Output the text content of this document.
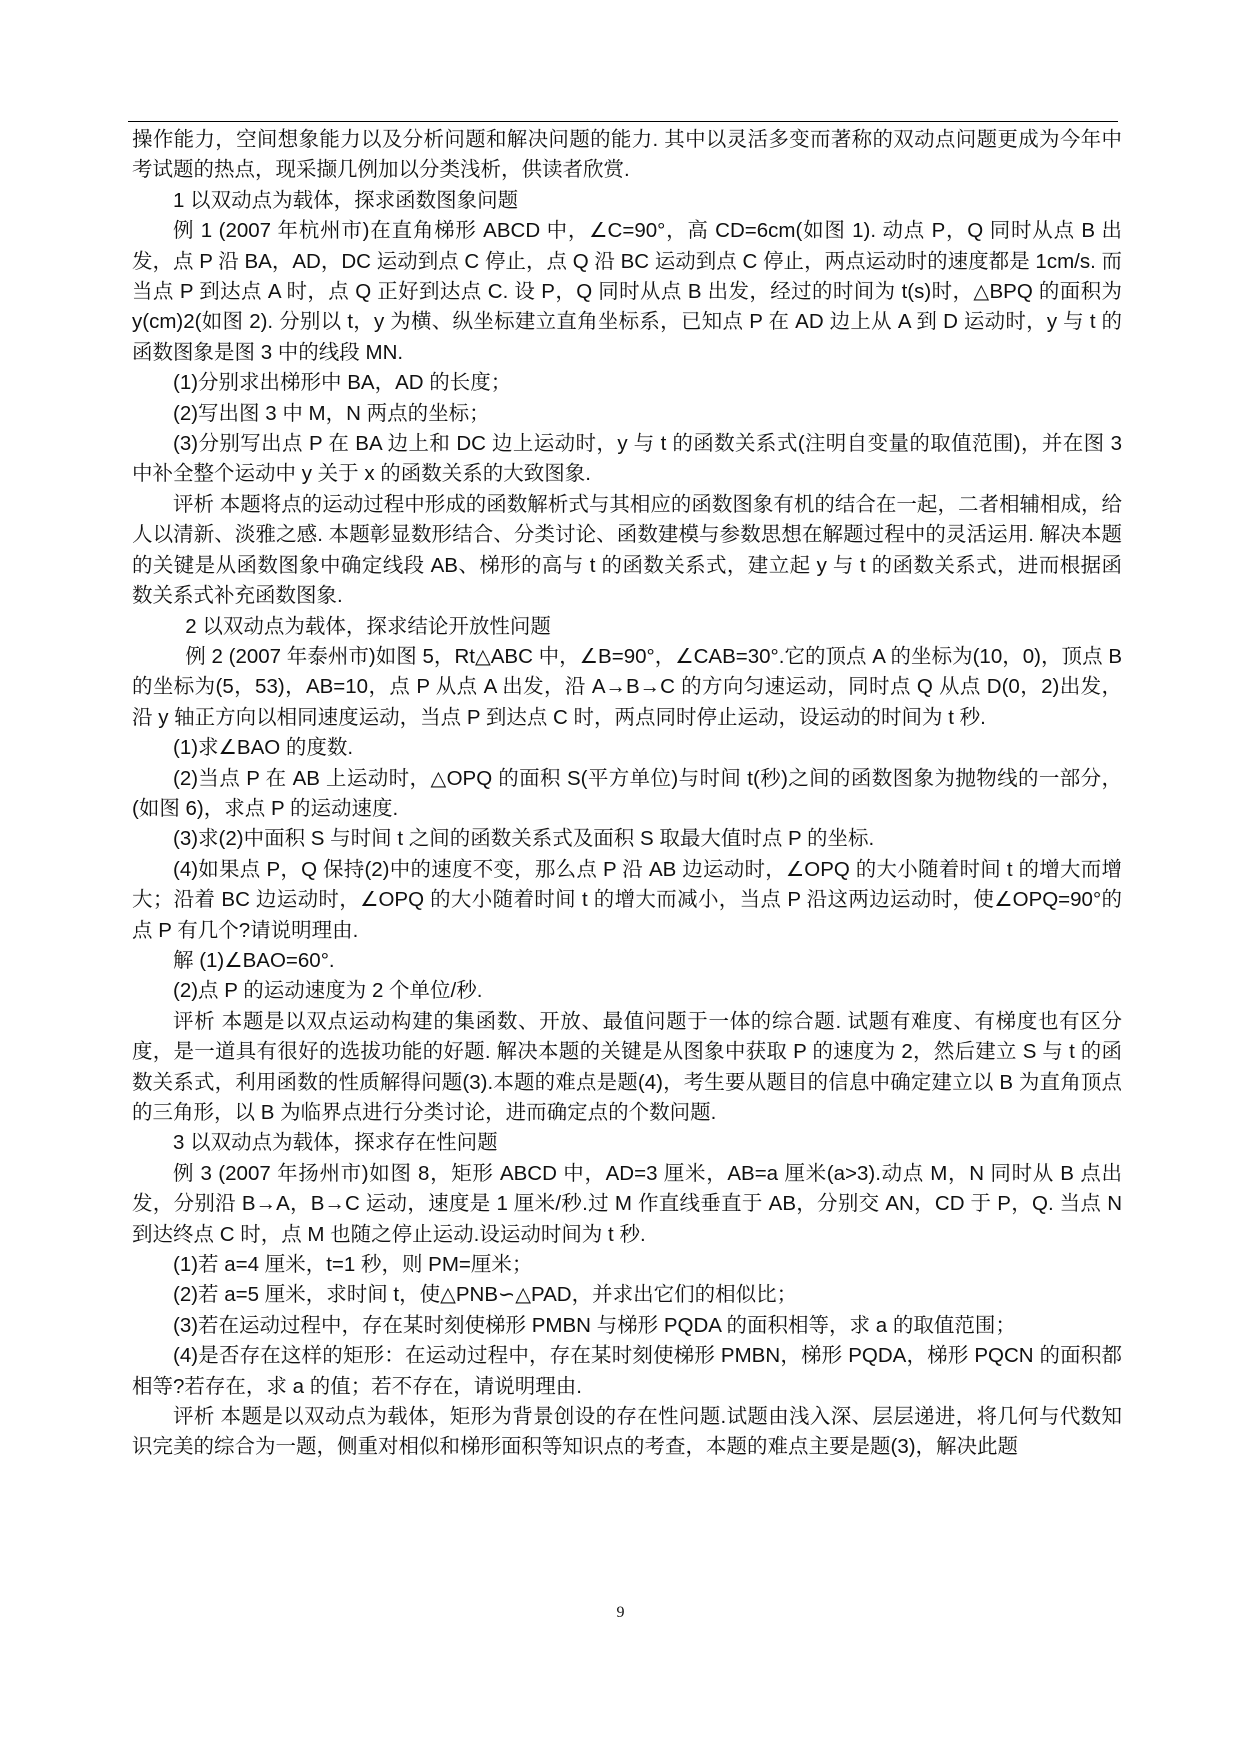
操作能力，空间想象能力以及分析问题和解决问题的能力. 其中以灵活多变而著称的双动点问题更成为今年中考试题的热点，现采撷几例加以分类浅析，供读者欣赏.

1 以双动点为载体，探求函数图象问题

例 1 (2007 年杭州市)在直角梯形 ABCD 中，∠C=90°，高 CD=6cm(如图 1). 动点 P，Q 同时从点 B 出发，点 P 沿 BA，AD，DC 运动到点 C 停止，点 Q 沿 BC 运动到点 C 停止，两点运动时的速度都是 1cm/s. 而当点 P 到达点 A 时，点 Q 正好到达点 C. 设 P，Q 同时从点 B 出发，经过的时间为 t(s)时，△BPQ 的面积为 y(cm)2(如图 2). 分别以 t，y 为横、纵坐标建立直角坐标系，已知点 P 在 AD 边上从 A 到 D 运动时，y 与 t 的函数图象是图 3 中的线段 MN.

(1)分别求出梯形中 BA，AD 的长度；

(2)写出图 3 中 M，N 两点的坐标；

(3)分别写出点 P 在 BA 边上和 DC 边上运动时，y 与 t 的函数关系式(注明自变量的取值范围)，并在图 3 中补全整个运动中 y 关于 x 的函数关系的大致图象.

评析 本题将点的运动过程中形成的函数解析式与其相应的函数图象有机的结合在一起，二者相辅相成，给人以清新、淡雅之感. 本题彰显数形结合、分类讨论、函数建模与参数思想在解题过程中的灵活运用. 解决本题的关键是从函数图象中确定线段 AB、梯形的高与 t 的函数关系式，建立起 y 与 t 的函数关系式，进而根据函数关系式补充函数图象.

2 以双动点为载体，探求结论开放性问题

例 2 (2007 年泰州市)如图 5，Rt△ABC 中，∠B=90°，∠CAB=30°.它的顶点 A 的坐标为(10，0)，顶点 B 的坐标为(5，53)，AB=10，点 P 从点 A 出发，沿 A→B→C 的方向匀速运动，同时点 Q 从点 D(0，2)出发，沿 y 轴正方向以相同速度运动，当点 P 到达点 C 时，两点同时停止运动，设运动的时间为 t 秒.

(1)求∠BAO 的度数.

(2)当点 P 在 AB 上运动时，△OPQ 的面积 S(平方单位)与时间 t(秒)之间的函数图象为抛物线的一部分，(如图 6)，求点 P 的运动速度.

(3)求(2)中面积 S 与时间 t 之间的函数关系式及面积 S 取最大值时点 P 的坐标.

(4)如果点 P，Q 保持(2)中的速度不变，那么点 P 沿 AB 边运动时，∠OPQ 的大小随着时间 t 的增大而增大；沿着 BC 边运动时，∠OPQ 的大小随着时间 t 的增大而减小，当点 P 沿这两边运动时，使∠OPQ=90°的点 P 有几个?请说明理由.

解 (1)∠BAO=60°.

(2)点 P 的运动速度为 2 个单位/秒.

评析 本题是以双点运动构建的集函数、开放、最值问题于一体的综合题. 试题有难度、有梯度也有区分度，是一道具有很好的选拔功能的好题. 解决本题的关键是从图象中获取 P 的速度为 2，然后建立 S 与 t 的函数关系式，利用函数的性质解得问题(3).本题的难点是题(4)，考生要从题目的信息中确定建立以 B 为直角顶点的三角形，以 B 为临界点进行分类讨论，进而确定点的个数问题.

3 以双动点为载体，探求存在性问题

例 3 (2007 年扬州市)如图 8，矩形 ABCD 中，AD=3 厘米，AB=a 厘米(a>3).动点 M，N 同时从 B 点出发，分别沿 B→A，B→C 运动，速度是 1 厘米/秒.过 M 作直线垂直于 AB，分别交 AN，CD 于 P，Q. 当点 N 到达终点 C 时，点 M 也随之停止运动.设运动时间为 t 秒.

(1)若 a=4 厘米，t=1 秒，则 PM=厘米；

(2)若 a=5 厘米，求时间 t，使△PNB∽△PAD，并求出它们的相似比；

(3)若在运动过程中，存在某时刻使梯形 PMBN 与梯形 PQDA 的面积相等，求 a 的取值范围；

(4)是否存在这样的矩形：在运动过程中，存在某时刻使梯形 PMBN，梯形 PQDA，梯形 PQCN 的面积都相等?若存在，求 a 的值；若不存在，请说明理由.

评析 本题是以双动点为载体，矩形为背景创设的存在性问题.试题由浅入深、层层递进，将几何与代数知识完美的综合为一题，侧重对相似和梯形面积等知识点的考查，本题的难点主要是题(3)，解决此题

9
